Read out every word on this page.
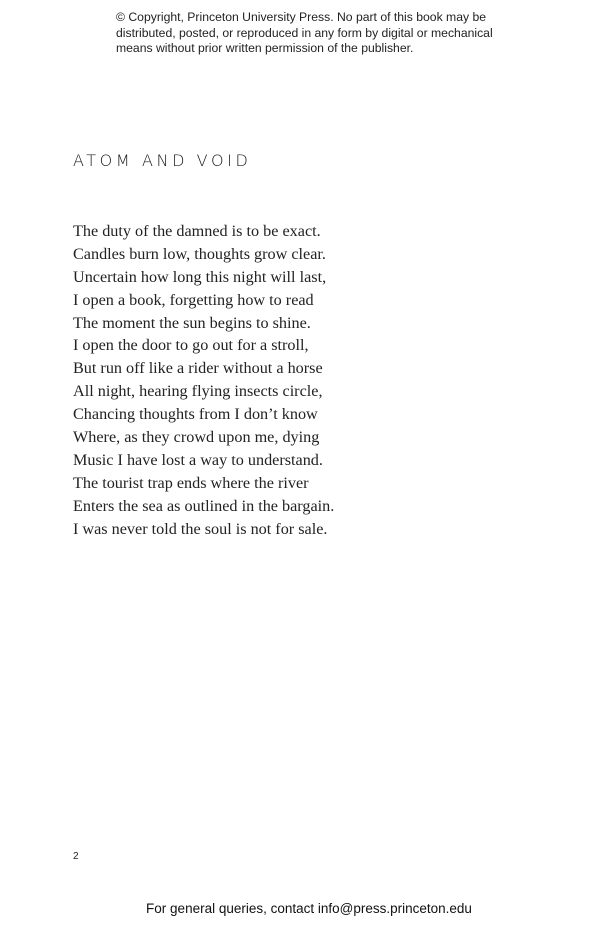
© Copyright, Princeton University Press. No part of this book may be
distributed, posted, or reproduced in any form by digital or mechanical
means without prior written permission of the publisher.
ATOM AND VOID
The duty of the damned is to be exact.
Candles burn low, thoughts grow clear.
Uncertain how long this night will last,
I open a book, forgetting how to read
The moment the sun begins to shine.
I open the door to go out for a stroll,
But run off like a rider without a horse
All night, hearing flying insects circle,
Chancing thoughts from I don’t know
Where, as they crowd upon me, dying
Music I have lost a way to understand.
The tourist trap ends where the river
Enters the sea as outlined in the bargain.
I was never told the soul is not for sale.
2
For general queries, contact info@press.princeton.edu
